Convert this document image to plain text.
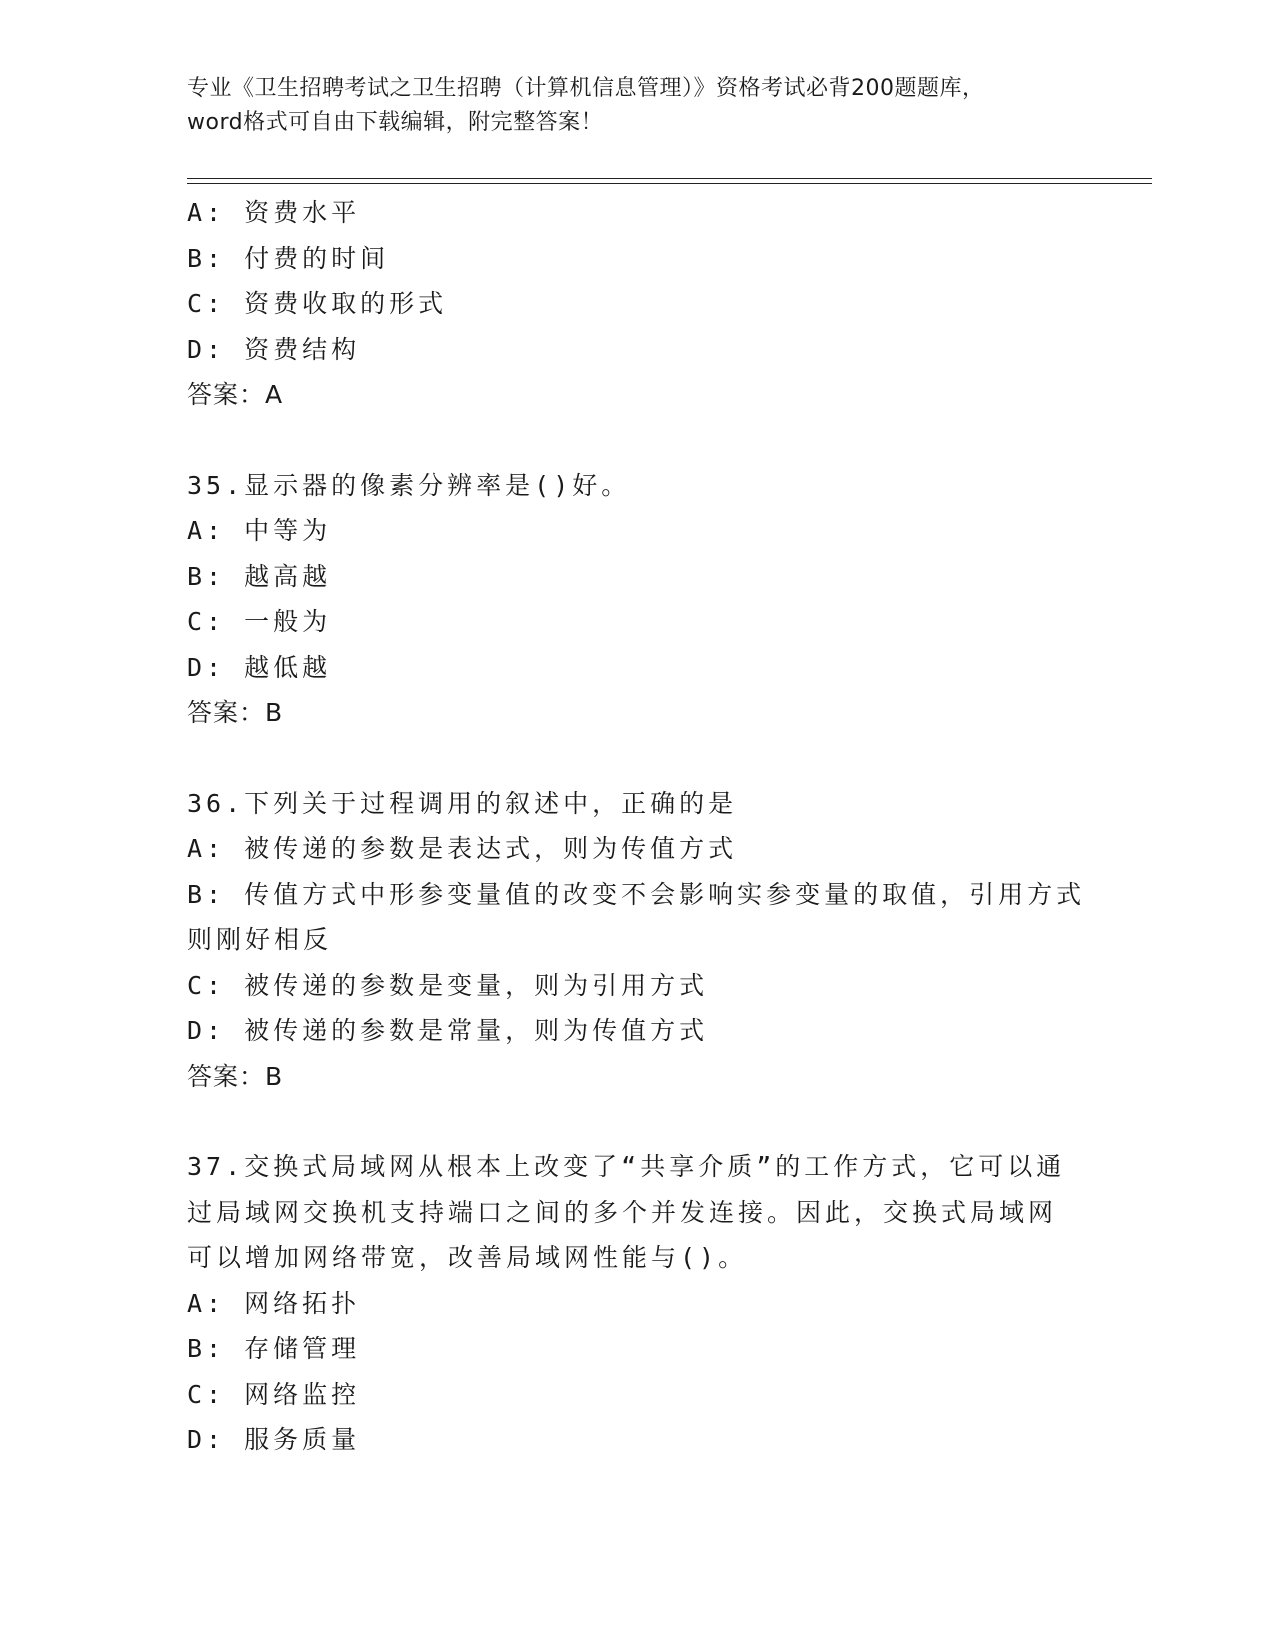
专业《卫生招聘考试之卫生招聘（计算机信息管理）》资格考试必背200题题库，
word格式可自由下载编辑，附完整答案！
A: 资费水平
B: 付费的时间
C: 资费收取的形式
D: 资费结构
答案：A
35.显示器的像素分辨率是()好。
A: 中等为
B: 越高越
C: 一般为
D: 越低越
答案：B
36.下列关于过程调用的叙述中，正确的是
A: 被传递的参数是表达式，则为传值方式
B: 传值方式中形参变量值的改变不会影响实参变量的取值，引用方式
则刚好相反
C: 被传递的参数是变量，则为引用方式
D: 被传递的参数是常量，则为传值方式
答案：B
37.交换式局域网从根本上改变了“共享介质”的工作方式，它可以通
过局域网交换机支持端口之间的多个并发连接。因此，交换式局域网
可以增加网络带宽，改善局域网性能与()。
A: 网络拓扑
B: 存储管理
C: 网络监控
D: 服务质量
